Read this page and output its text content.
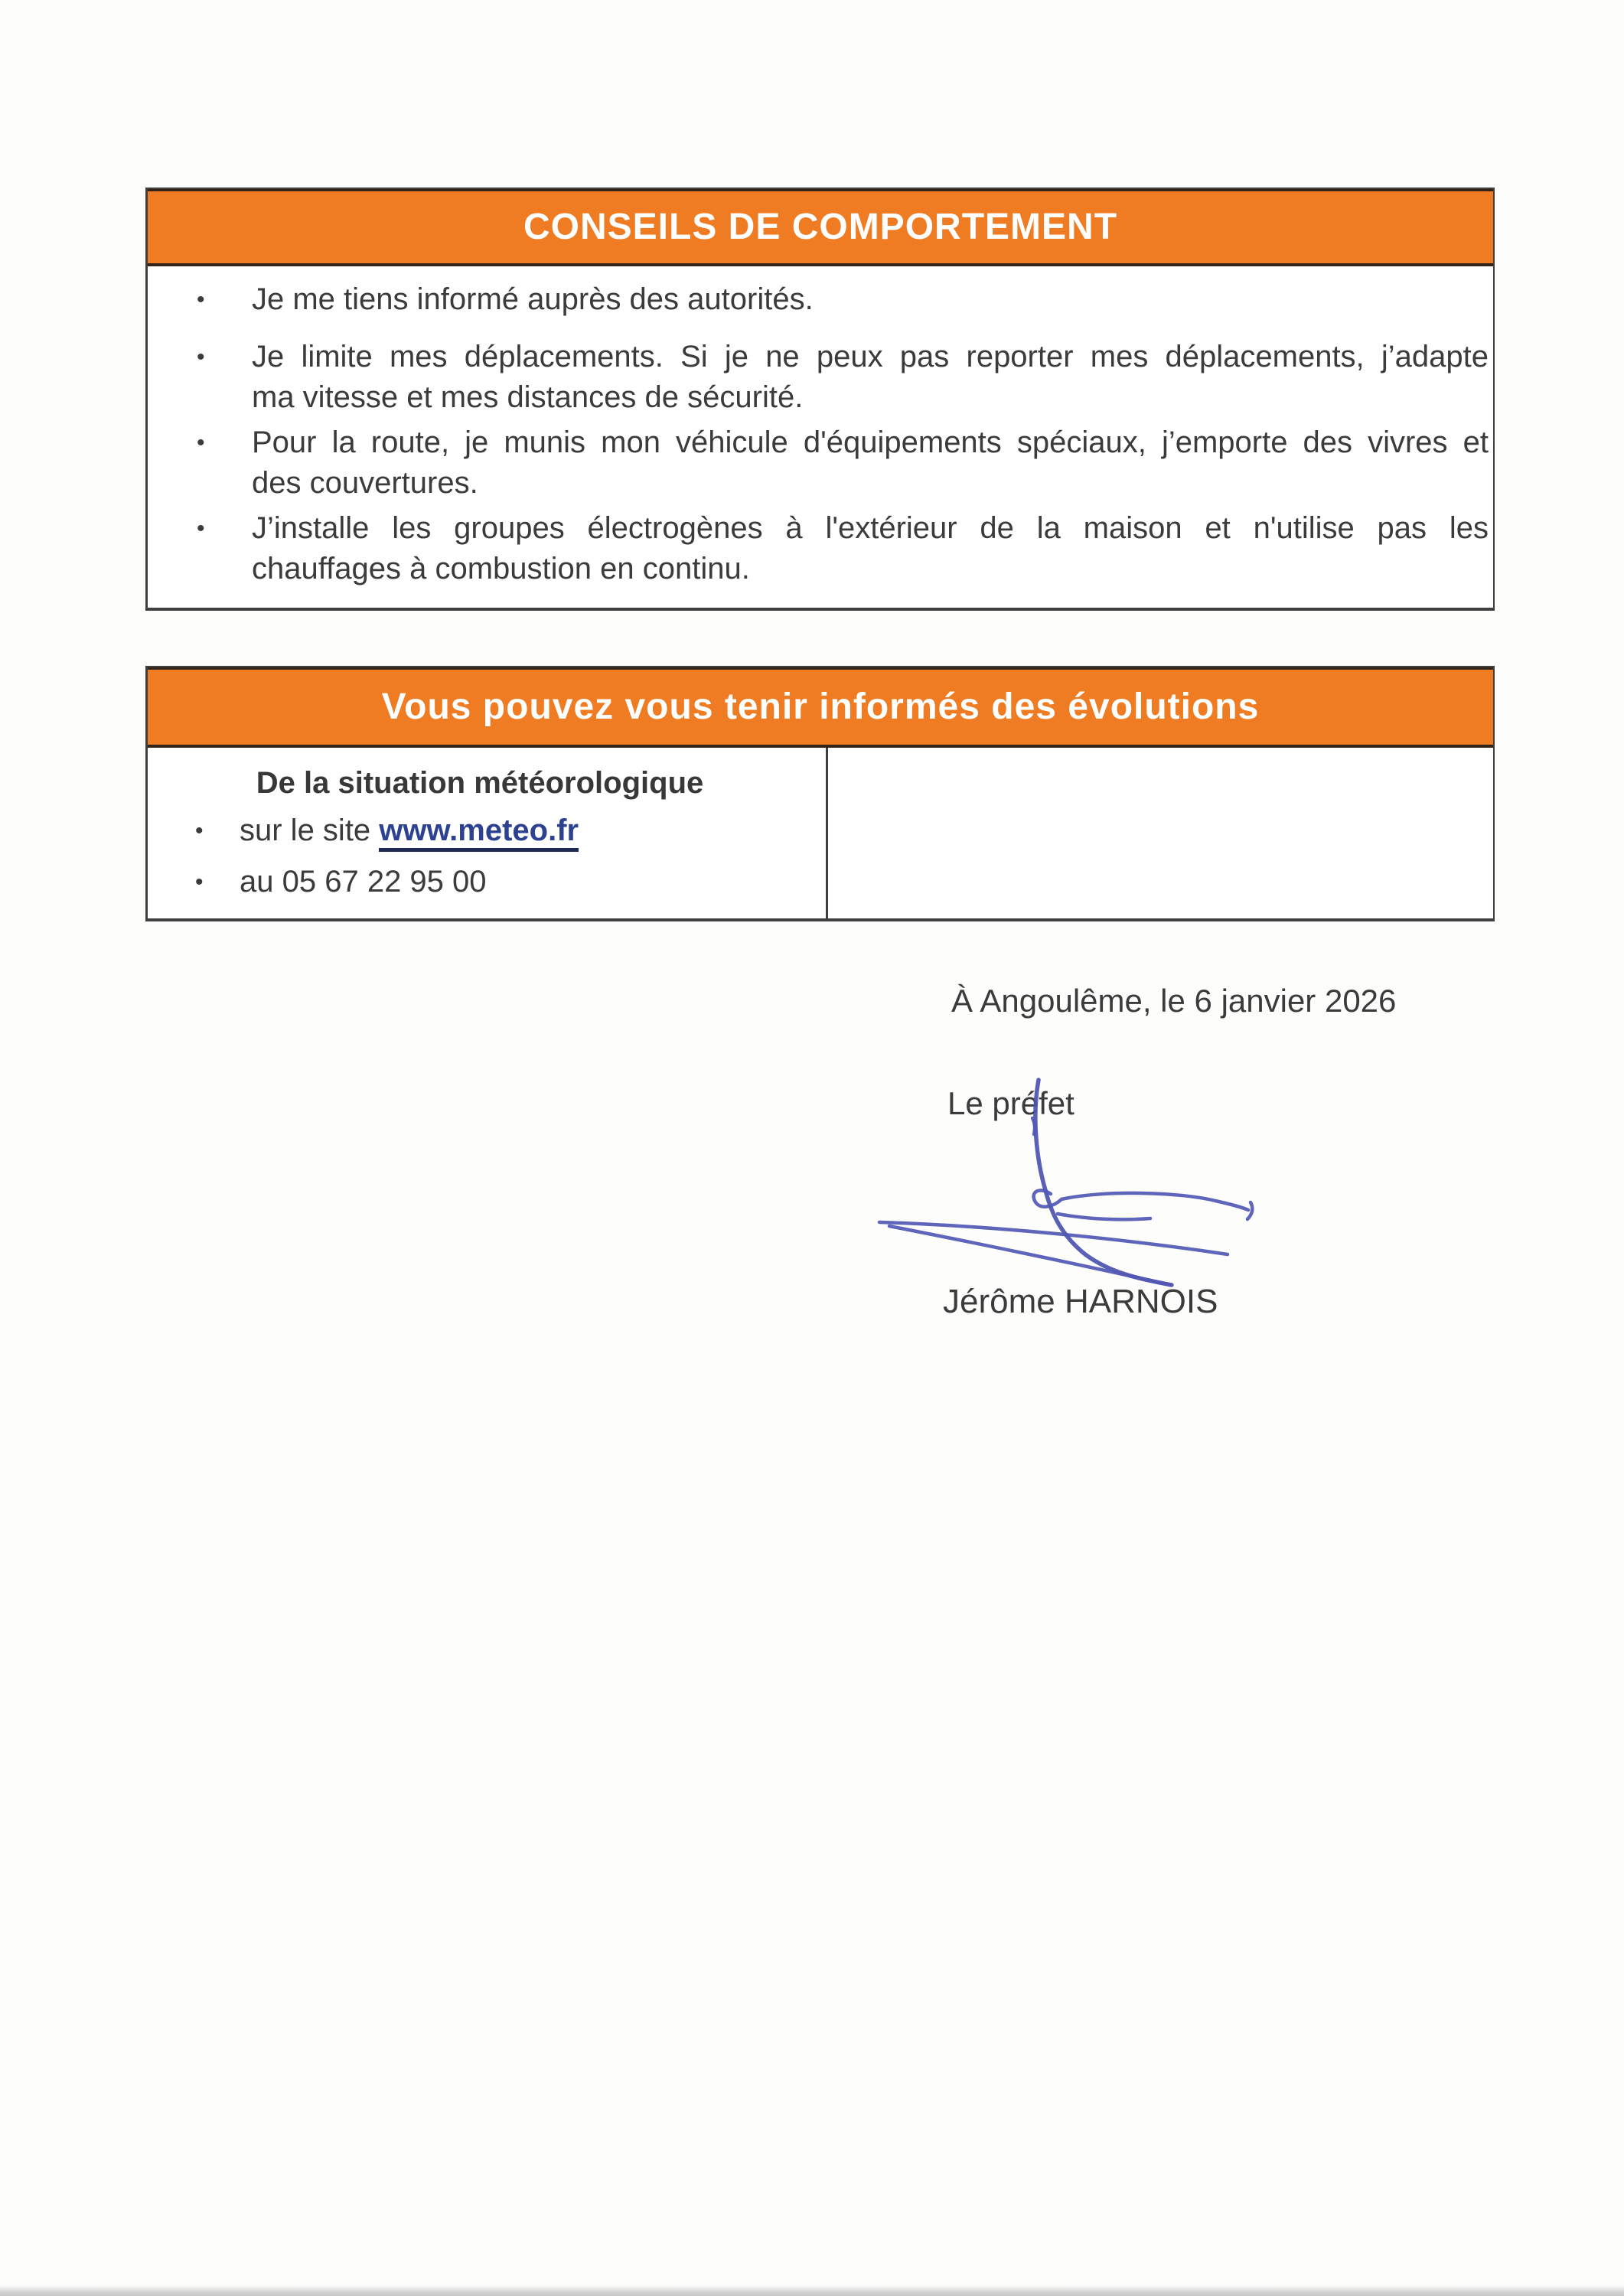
CONSEILS DE COMPORTEMENT
•	Je me tiens informé auprès des autorités.
•	Je limite mes déplacements. Si je ne peux pas reporter mes déplacements, j’adapte
ma vitesse et mes distances de sécurité.
•	Pour la route, je munis mon véhicule d'équipements spéciaux, j’emporte des vivres et
des couvertures.
•	J’installe les groupes électrogènes à l'extérieur de la maison et n'utilise pas les
chauffages à combustion en continu.
Vous pouvez vous tenir informés des évolutions
De la situation météorologique
•	sur le site www.meteo.fr
•	au 05 67 22 95 00
À Angoulême, le 6 janvier 2026
Le préfet
Jérôme HARNOIS
